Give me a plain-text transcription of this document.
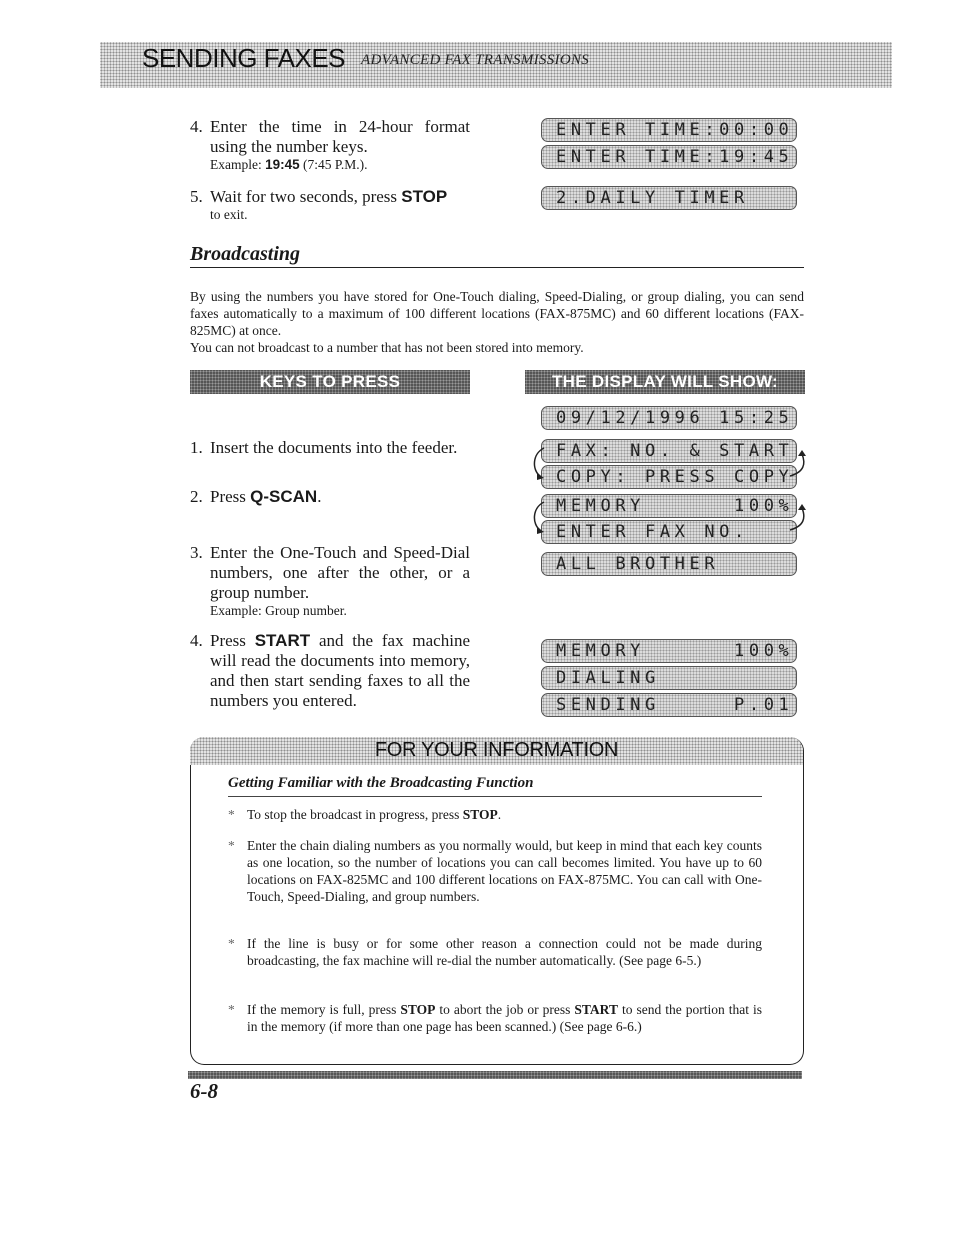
SENDING FAXES ADVANCED FAX TRANSMISSIONS
4. Enter the time in 24-hour format using the number keys.
Example: 19:45 (7:45 P.M.).
5. Wait for two seconds, press STOP
to exit.
ENTER TIME:00:00
ENTER TIME:19:45
2.DAILY TIMER
Broadcasting

By using the numbers you have stored for One-Touch dialing, Speed-Dialing, or group dialing, you can send faxes automatically to a maximum of 100 different locations (FAX-875MC) and 60 different locations (FAX-825MC) at once.

You can not broadcast to a number that has not been stored into memory.

KEYS TO PRESS	THE DISPLAY WILL SHOW:
1. Insert the documents into the feeder.
2. Press Q-SCAN.
3. Enter the One-Touch and Speed-Dial numbers, one after the other, or a group number.
Example: Group number.
4. Press START and the fax machine will read the documents into memory, and then start sending faxes to all the numbers you entered.
09/12/1996 15:25
FAX: NO. & START
COPY: PRESS COPY
MEMORY      100%
ENTER FAX NO.
ALL BROTHER
MEMORY      100%
DIALING
SENDING     P.01
FOR YOUR INFORMATION
Getting Familiar with the Broadcasting Function
* To stop the broadcast in progress, press STOP.
* Enter the chain dialing numbers as you normally would, but keep in mind that each key counts as one location, so the number of locations you can call becomes limited. You have up to 60 locations on FAX-825MC and 100 different locations on FAX-875MC. You can call with One-Touch, Speed-Dialing, and group numbers.
* If the line is busy or for some other reason a connection could not be made during broadcasting, the fax machine will re-dial the number automatically. (See page 6-5.)
* If the memory is full, press STOP to abort the job or press START to send the portion that is in the memory (if more than one page has been scanned.) (See page 6-6.)
6-8
